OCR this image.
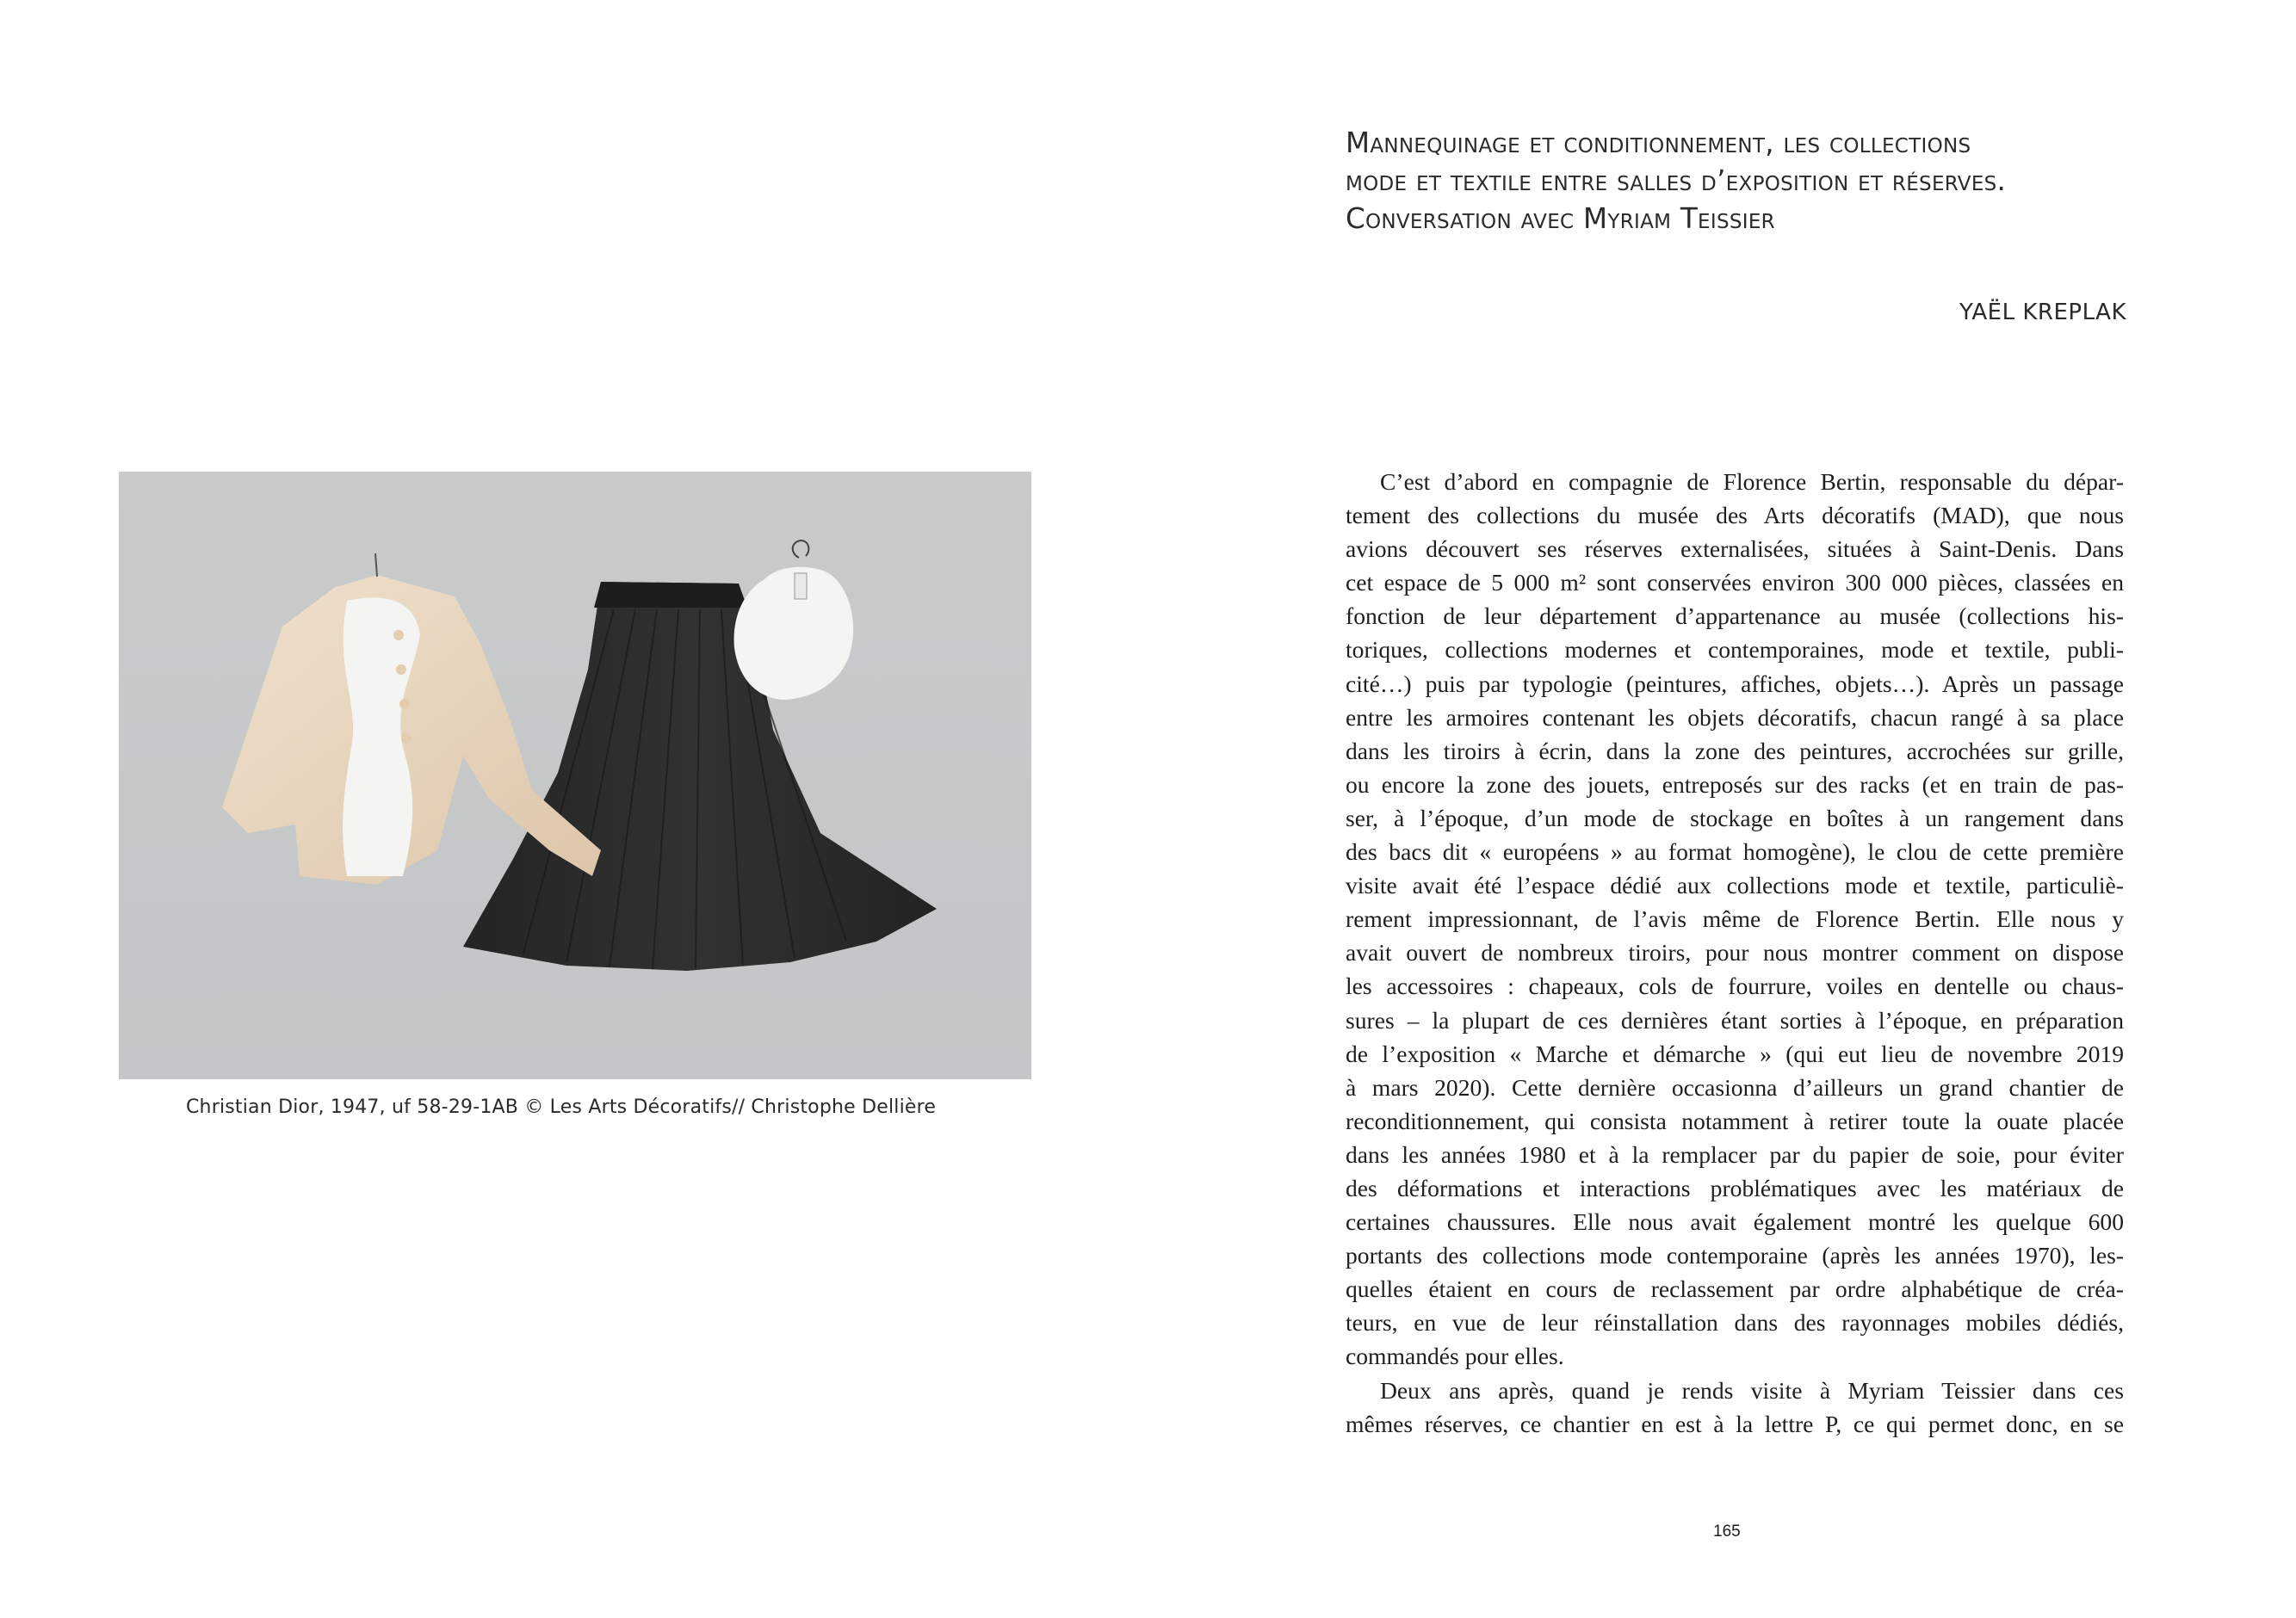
Christian Dior, 1947, uf 58-29-1AB © Les Arts Décoratifs// Christophe Dellière
Mannequinage et conditionnement, les collections
mode et textile entre salles d’exposition et réserves.
Conversation avec Myriam Teissier
YAËL KREPLAK
C’est d’abord en compagnie de Florence Bertin, responsable du dépar-
tement des collections du musée des Arts décoratifs (MAD), que nous
avions découvert ses réserves externalisées, situées à Saint-Denis. Dans
cet espace de 5 000 m² sont conservées environ 300 000 pièces, classées en
fonction de leur département d’appartenance au musée (collections his-
toriques, collections modernes et contemporaines, mode et textile, publi-
cité…) puis par typologie (peintures, affiches, objets…). Après un passage
entre les armoires contenant les objets décoratifs, chacun rangé à sa place
dans les tiroirs à écrin, dans la zone des peintures, accrochées sur grille,
ou encore la zone des jouets, entreposés sur des racks (et en train de pas-
ser, à l’époque, d’un mode de stockage en boîtes à un rangement dans
des bacs dit « européens » au format homogène), le clou de cette première
visite avait été l’espace dédié aux collections mode et textile, particuliè-
rement impressionnant, de l’avis même de Florence Bertin. Elle nous y
avait ouvert de nombreux tiroirs, pour nous montrer comment on dispose
les accessoires : chapeaux, cols de fourrure, voiles en dentelle ou chaus-
sures – la plupart de ces dernières étant sorties à l’époque, en préparation
de l’exposition « Marche et démarche » (qui eut lieu de novembre 2019
à mars 2020). Cette dernière occasionna d’ailleurs un grand chantier de
reconditionnement, qui consista notamment à retirer toute la ouate placée
dans les années 1980 et à la remplacer par du papier de soie, pour éviter
des déformations et interactions problématiques avec les matériaux de
certaines chaussures. Elle nous avait également montré les quelque 600
portants des collections mode contemporaine (après les années 1970), les-
quelles étaient en cours de reclassement par ordre alphabétique de créa-
teurs, en vue de leur réinstallation dans des rayonnages mobiles dédiés,
commandés pour elles.
Deux ans après, quand je rends visite à Myriam Teissier dans ces
mêmes réserves, ce chantier en est à la lettre P, ce qui permet donc, en se
165
